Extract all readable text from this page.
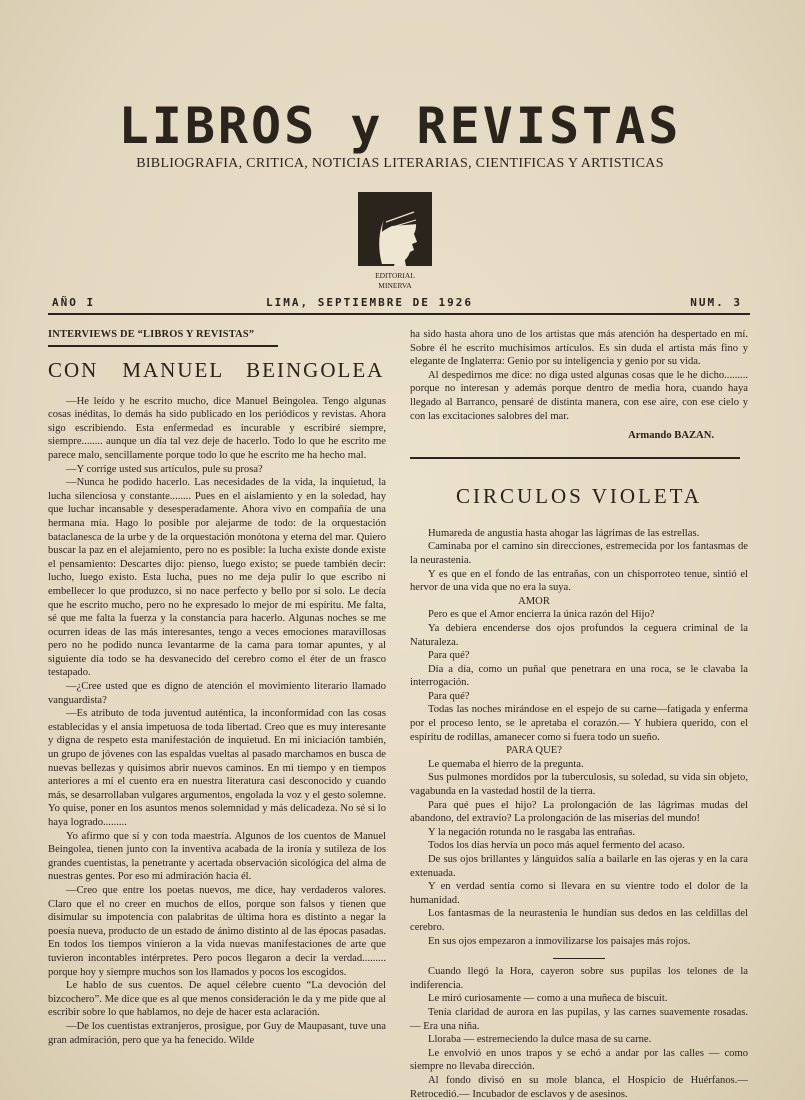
LIBROS y REVISTAS
BIBLIOGRAFIA, CRITICA, NOTICIAS LITERARIAS, CIENTIFICAS Y ARTISTICAS
EDITORIAL
MINERVA
AÑO I	LIMA, SEPTIEMBRE DE 1926	NUM. 3
INTERVIEWS DE “LIBROS Y REVISTAS”
CON MANUEL BEINGOLEA

—He leído y he escrito mucho, dice Manuel Beingolea. Tengo algunas cosas inéditas, lo demás ha sido publicado en los periódicos y revistas. Ahora sigo escribiendo. Esta enfermedad es incurable y escribiré siempre, siempre........ aunque un día tal vez deje de hacerlo. Todo lo que he escrito me parece malo, sencillamente porque todo lo que he escrito me ha hecho mal.

—Y corrige usted sus artículos, pule su prosa?

—Nunca he podido hacerlo. Las necesidades de la vida, la inquietud, la lucha silenciosa y constante........ Pues en el aislamiento y en la soledad, hay que luchar incansable y desesperadamente. Ahora vivo en compañía de una hermana mía. Hago lo posible por alejarme de todo: de la orquestación bataclanesca de la urbe y de la orquestación monótona y eterna del mar. Quiero buscar la paz en el alejamiento, pero no es posible: la lucha existe donde existe el pensamiento: Descartes dijo: pienso, luego existo; se puede también decir: lucho, luego existo. Esta lucha, pues no me deja pulir lo que escribo ni embellecer lo que produzco, si no nace perfecto y bello por sí solo. Le decía que he escrito mucho, pero no he expresado lo mejor de mi espíritu. Me falta, sé que me falta la fuerza y la constancia para hacerlo. Algunas noches se me ocurren ideas de las más interesantes, tengo a veces emociones maravillosas pero no he podido nunca levantarme de la cama para tomar apuntes, y al siguiente día todo se ha desvanecido del cerebro como el éter de un frasco testapado.

—¿Cree usted que es digno de atención el movimiento literario llamado vanguardista?

—Es atributo de toda juventud auténtica, la inconformidad con las cosas establecidas y el ansia impetuosa de toda libertad. Creo que es muy interesante y digna de respeto esta manifestación de inquietud. En mi iniciación también, un grupo de jóvenes con las espaldas vueltas al pasado marchamos en busca de nuevas bellezas y quisimos abrir nuevos caminos. En mi tiempo y en tiempos anteriores a mí el cuento era en nuestra literatura casi desconocido y cuando más, se desarrollaban vulgares argumentos, engolada la voz y el gesto solemne. Yo quise, poner en los asuntos menos solemnidad y más delicadeza. No sé si lo haya logrado.........

Yo afirmo que sí y con toda maestría. Algunos de los cuentos de Manuel Beingolea, tienen junto con la inventiva acabada de la ironía y sutileza de los grandes cuentistas, la penetrante y acertada observación sicológica del alma de nuestras gentes. Por eso mi admiración hacia él.

—Creo que entre los poetas nuevos, me dice, hay verdaderos valores. Claro que el no creer en muchos de ellos, porque son falsos y tienen que disimular su impotencia con palabritas de última hora es distinto a negar la poesía nueva, producto de un estado de ánimo distinto al de las épocas pasadas. En todos los tiempos vinieron a la vida nuevas manifestaciones de arte que tuvieron incontables intérpretes. Pero pocos llegaron a decir la verdad......... porque hoy y siempre muchos son los llamados y pocos los escogidos.

Le hablo de sus cuentos. De aquel célebre cuento “La devoción del bizcochero”. Me dice que es al que menos consideración le da y me pide que al escribir sobre lo que hablamos, no deje de hacer esta aclaración.

—De los cuentistas extranjeros, prosigue, por Guy de Maupasant, tuve una gran admiración, pero que ya ha fenecido. Wilde

ha sido hasta ahora uno de los artistas que más atención ha despertado en mí. Sobre él he escrito muchísimos artículos. Es sin duda el artista más fino y elegante de Inglaterra: Genio por su inteligencia y genio por su vida.

Al despedirnos me dice: no diga usted algunas cosas que le he dicho......... porque no interesan y además porque dentro de media hora, cuando haya llegado al Barranco, pensaré de distinta manera, con ese aire, con ese cielo y con las excitaciones salobres del mar.

Armando BAZAN.
CIRCULOS VIOLETA

Humareda de angustia hasta ahogar las lágrimas de las estrellas.

Caminaba por el camino sin direcciones, estremecida por los fantasmas de la neurastenia.

Y es que en el fondo de las entrañas, con un chisporroteo tenue, sintió el hervor de una vida que no era la suya.

AMOR

Pero es que el Amor encierra la única razón del Hijo?

Ya debiera encenderse dos ojos profundos la ceguera criminal de la Naturaleza.

Para qué?

Día a día, como un puñal que penetrara en una roca, se le clavaba la interrogación.

Para qué?

Todas las noches mirándose en el espejo de su carne—fatigada y enferma por el proceso lento, se le apretaba el corazón.— Y hubiera querido, con el espíritu de rodillas, amanecer como si fuera todo un sueño.

PARA QUE?

Le quemaba el hierro de la pregunta.

Sus pulmones mordidos por la tuberculosis, su soledad, su vida sin objeto, vagabunda en la vastedad hostil de la tierra.

Para qué pues el hijo? La prolongación de las lágrimas mudas del abandono, del extravío? La prolongación de las miserias del mundo!

Y la negación rotunda no le rasgaba las entrañas.

Todos los días hervía un poco más aquel fermento del acaso.

De sus ojos brillantes y lánguidos salía a bailarle en las ojeras y en la cara extenuada.

Y en verdad sentía como si llevara en su vientre todo el dolor de la humanidad.

Los fantasmas de la neurastenia le hundían sus dedos en las celdillas del cerebro.

En sus ojos empezaron a inmovilizarse los paisajes más rojos.

Cuando llegó la Hora, cayeron sobre sus pupilas los telones de la indiferencia.

Le miró curiosamente — como a una muñeca de biscuit.

Tenía claridad de aurora en las pupilas, y las carnes suavemente rosadas. — Era una niña.

Lloraba — estremeciendo la dulce masa de su carne.

Le envolvió en unos trapos y se echó a andar por las calles — como siempre no llevaba dirección.

Al fondo divisó en su mole blanca, el Hospicio de Huérfanos.— Retrocedió.— Incubador de esclavos y de asesinos.
